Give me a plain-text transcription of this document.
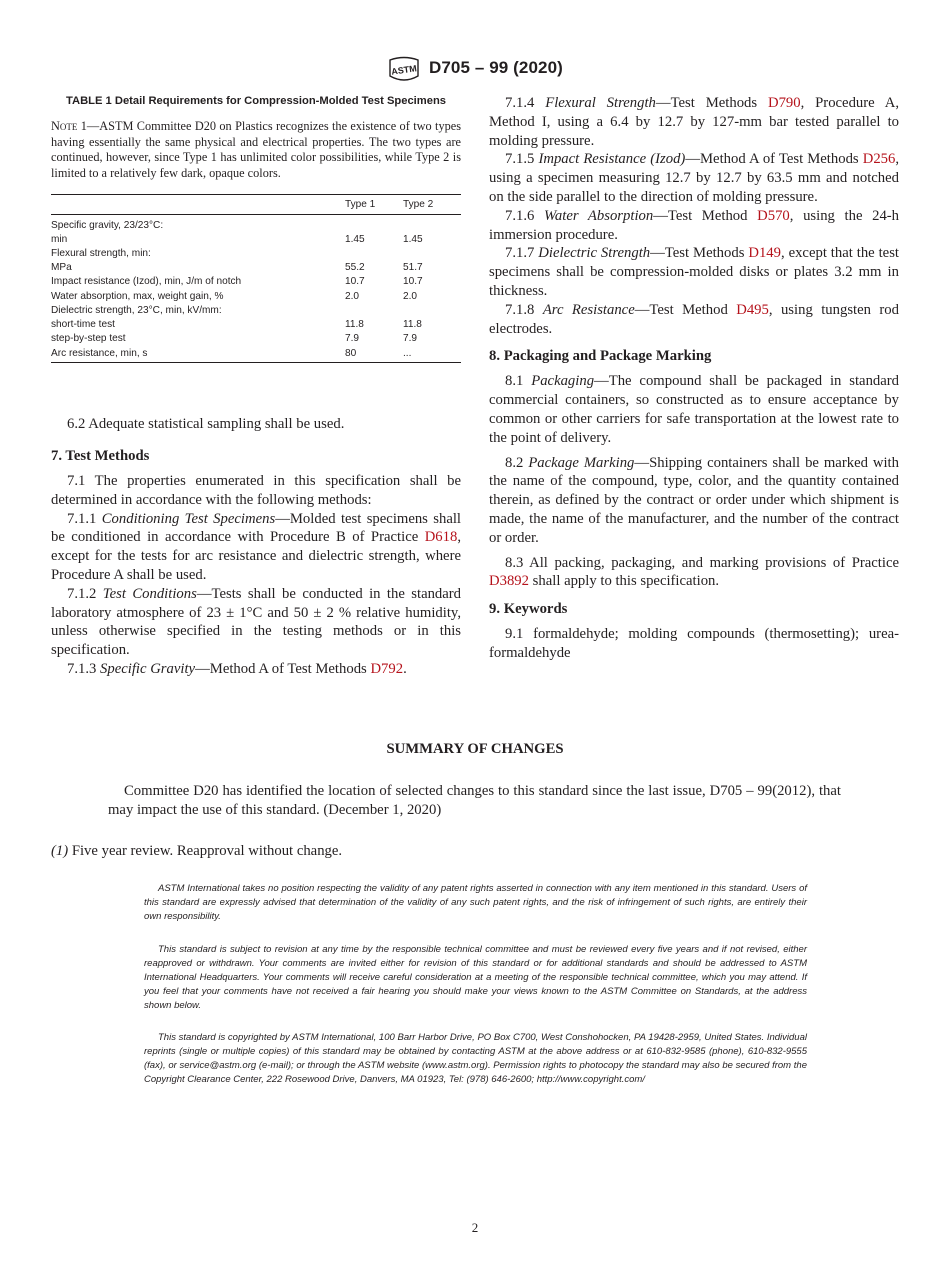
ASTM D705 – 99 (2020)
TABLE 1 Detail Requirements for Compression-Molded Test Specimens

Note 1—ASTM Committee D20 on Plastics recognizes the existence of two types having essentially the same physical and electrical properties. The two types are continued, however, since Type 1 has unlimited color possibilities, while Type 2 is limited to a relatively few dark, opaque colors.

	Type 1	Type 2
Specific gravity, 23/23°C:		
min	1.45	1.45
Flexural strength, min:		
MPa	55.2	51.7
Impact resistance (Izod), min, J/m of notch	10.7	10.7
Water absorption, max, weight gain, %	2.0	2.0
Dielectric strength, 23°C, min, kV/mm:		
short-time test	11.8	11.8
step-by-step test	7.9	7.9
Arc resistance, min, s	80	...

6.2 Adequate statistical sampling shall be used.

7. Test Methods

7.1 The properties enumerated in this specification shall be determined in accordance with the following methods:

7.1.1 Conditioning Test Specimens—Molded test specimens shall be conditioned in accordance with Procedure B of Practice D618, except for the tests for arc resistance and dielectric strength, where Procedure A shall be used.

7.1.2 Test Conditions—Tests shall be conducted in the standard laboratory atmosphere of 23 ± 1°C and 50 ± 2 % relative humidity, unless otherwise specified in the testing methods or in this specification.

7.1.3 Specific Gravity—Method A of Test Methods D792.

7.1.4 Flexural Strength—Test Methods D790, Procedure A, Method I, using a 6.4 by 12.7 by 127-mm bar tested parallel to molding pressure.

7.1.5 Impact Resistance (Izod)—Method A of Test Methods D256, using a specimen measuring 12.7 by 12.7 by 63.5 mm and notched on the side parallel to the direction of molding pressure.

7.1.6 Water Absorption—Test Method D570, using the 24-h immersion procedure.

7.1.7 Dielectric Strength—Test Methods D149, except that the test specimens shall be compression-molded disks or plates 3.2 mm in thickness.

7.1.8 Arc Resistance—Test Method D495, using tungsten rod electrodes.

8. Packaging and Package Marking

8.1 Packaging—The compound shall be packaged in standard commercial containers, so constructed as to ensure acceptance by common or other carriers for safe transportation at the lowest rate to the point of delivery.

8.2 Package Marking—Shipping containers shall be marked with the name of the compound, type, color, and the quantity contained therein, as defined by the contract or order under which shipment is made, the name of the manufacturer, and the number of the contract or order.

8.3 All packing, packaging, and marking provisions of Practice D3892 shall apply to this specification.

9. Keywords

9.1 formaldehyde; molding compounds (thermosetting); urea-formaldehyde

SUMMARY OF CHANGES

Committee D20 has identified the location of selected changes to this standard since the last issue, D705 – 99(2012), that may impact the use of this standard. (December 1, 2020)

(1) Five year review. Reapproval without change.

ASTM International takes no position respecting the validity of any patent rights asserted in connection with any item mentioned in this standard. Users of this standard are expressly advised that determination of the validity of any such patent rights, and the risk of infringement of such rights, are entirely their own responsibility.

This standard is subject to revision at any time by the responsible technical committee and must be reviewed every five years and if not revised, either reapproved or withdrawn. Your comments are invited either for revision of this standard or for additional standards and should be addressed to ASTM International Headquarters. Your comments will receive careful consideration at a meeting of the responsible technical committee, which you may attend. If you feel that your comments have not received a fair hearing you should make your views known to the ASTM Committee on Standards, at the address shown below.

This standard is copyrighted by ASTM International, 100 Barr Harbor Drive, PO Box C700, West Conshohocken, PA 19428-2959, United States. Individual reprints (single or multiple copies) of this standard may be obtained by contacting ASTM at the above address or at 610-832-9585 (phone), 610-832-9555 (fax), or service@astm.org (e-mail); or through the ASTM website (www.astm.org). Permission rights to photocopy the standard may also be secured from the Copyright Clearance Center, 222 Rosewood Drive, Danvers, MA 01923, Tel: (978) 646-2600; http://www.copyright.com/

2
